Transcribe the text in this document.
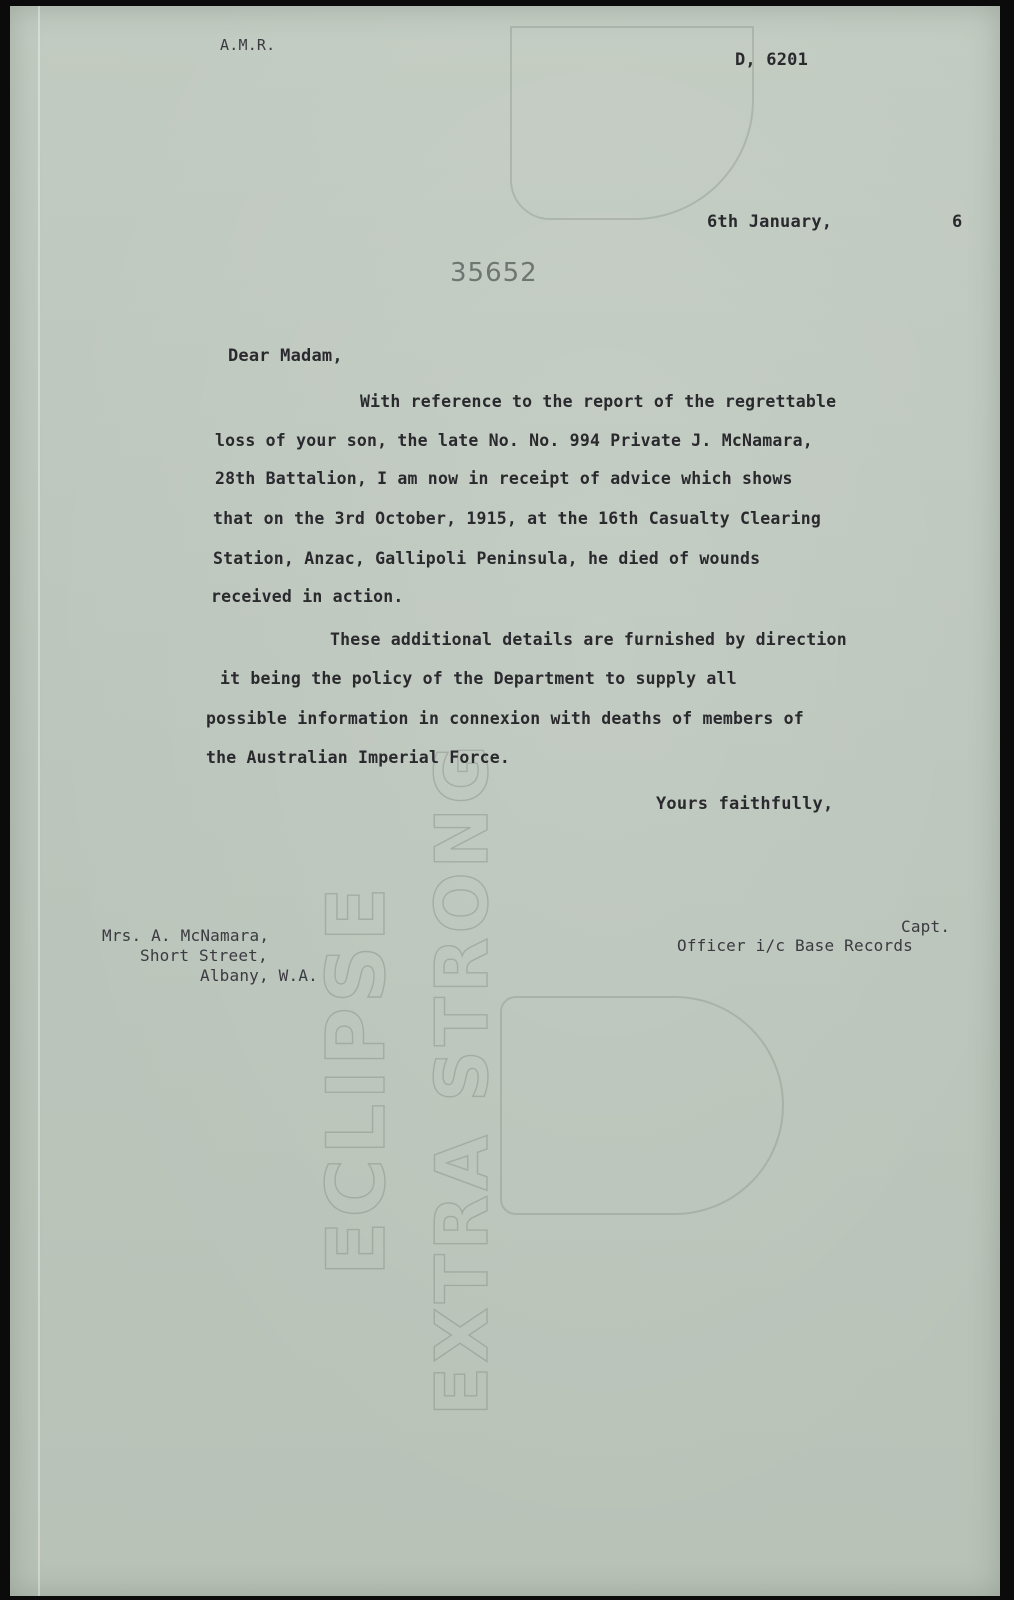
ECLIPSE EXTRA STRONG
A.M.R.
D, 6201
6th January,	6
35652
Dear Madam,
With reference to the report of the regrettable
loss of your son, the late No. No. 994 Private J. McNamara,
28th Battalion, I am now in receipt of advice which shows
that on the 3rd October, 1915, at the 16th Casualty Clearing
Station, Anzac, Gallipoli Peninsula, he died of wounds
received in action.
These additional details are furnished by direction
it being the policy of the Department to supply all
possible information in connexion with deaths of members of
the Australian Imperial Force.
Yours faithfully,
Mrs. A. McNamara,
Short Street,
Albany, W.A.
Capt.
Officer i/c Base Records
